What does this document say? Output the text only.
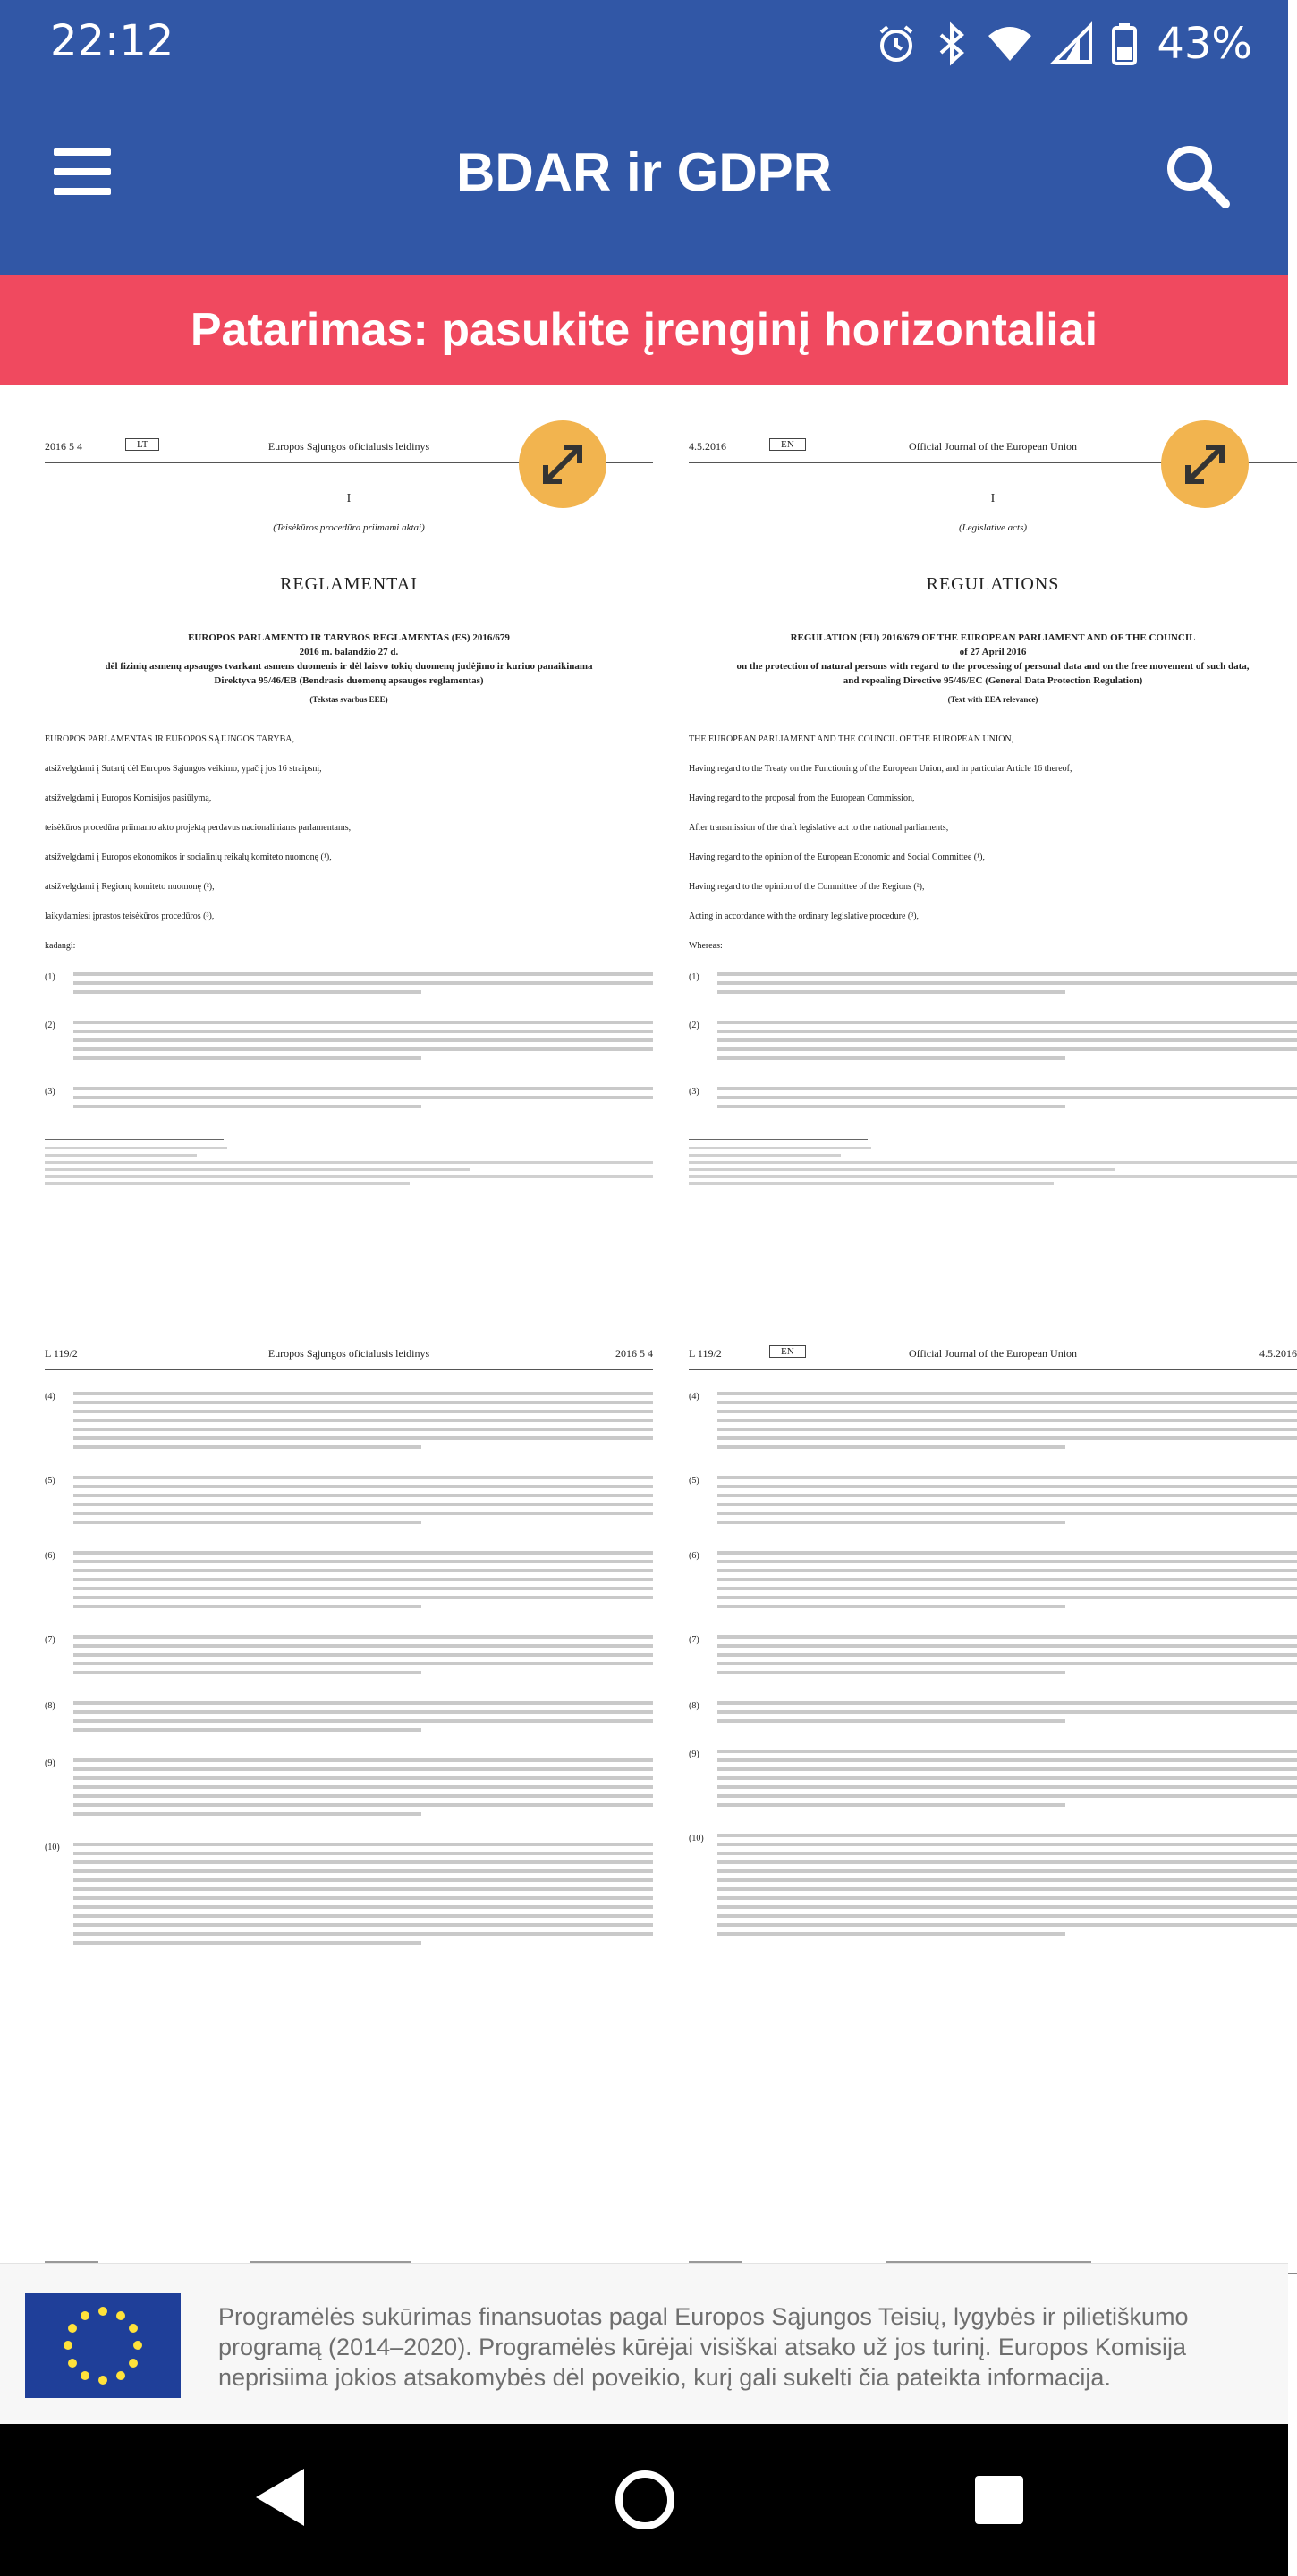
22:12	43%
BDAR ir GDPR
Patarimas: pasukite įrenginį horizontaliai
2016 5 4	LT	Europos Sąjungos oficialusis leidinys
I
(Teisėkūros procedūra priimami aktai)
REGLAMENTAI
EUROPOS PARLAMENTO IR TARYBOS REGLAMENTAS (ES) 2016/679
2016 m. balandžio 27 d.
dėl fizinių asmenų apsaugos tvarkant asmens duomenis ir dėl laisvo tokių duomenų judėjimo ir kuriuo panaikinama Direktyva 95/46/EB (Bendrasis duomenų apsaugos reglamentas)
(Tekstas svarbus EEE)
EUROPOS PARLAMENTAS IR EUROPOS SĄJUNGOS TARYBA,
atsižvelgdami į Sutartį dėl Europos Sąjungos veikimo, ypač į jos 16 straipsnį,
atsižvelgdami į Europos Komisijos pasiūlymą,
teisėkūros procedūra priimamo akto projektą perdavus nacionaliniams parlamentams,
atsižvelgdami į Europos ekonomikos ir socialinių reikalų komiteto nuomonę (¹),
atsižvelgdami į Regionų komiteto nuomonę (²),
laikydamiesi įprastos teisėkūros procedūros (³),
kadangi:
(1)
(2)
(3)
4.5.2016	EN	Official Journal of the European Union
I
(Legislative acts)
REGULATIONS
REGULATION (EU) 2016/679 OF THE EUROPEAN PARLIAMENT AND OF THE COUNCIL
of 27 April 2016
on the protection of natural persons with regard to the processing of personal data and on the free movement of such data, and repealing Directive 95/46/EC (General Data Protection Regulation)
(Text with EEA relevance)
THE EUROPEAN PARLIAMENT AND THE COUNCIL OF THE EUROPEAN UNION,
Having regard to the Treaty on the Functioning of the European Union, and in particular Article 16 thereof,
Having regard to the proposal from the European Commission,
After transmission of the draft legislative act to the national parliaments,
Having regard to the opinion of the European Economic and Social Committee (¹),
Having regard to the opinion of the Committee of the Regions (²),
Acting in accordance with the ordinary legislative procedure (³),
Whereas:
(1)
(2)
(3)
L 119/2	Europos Sąjungos oficialusis leidinys	2016 5 4
(4)
(5)
(6)
(7)
(8)
(9)
(10)
L 119/2	EN	Official Journal of the European Union	4.5.2016
(4)
(5)
(6)
(7)
(8)
(9)
(10)
Programėlės sukūrimas finansuotas pagal Europos Sąjungos Teisių, lygybės ir pilietiškumo programą (2014–2020). Programėlės kūrėjai visiškai atsako už jos turinį. Europos Komisija neprisiima jokios atsakomybės dėl poveikio, kurį gali sukelti čia pateikta informacija.
